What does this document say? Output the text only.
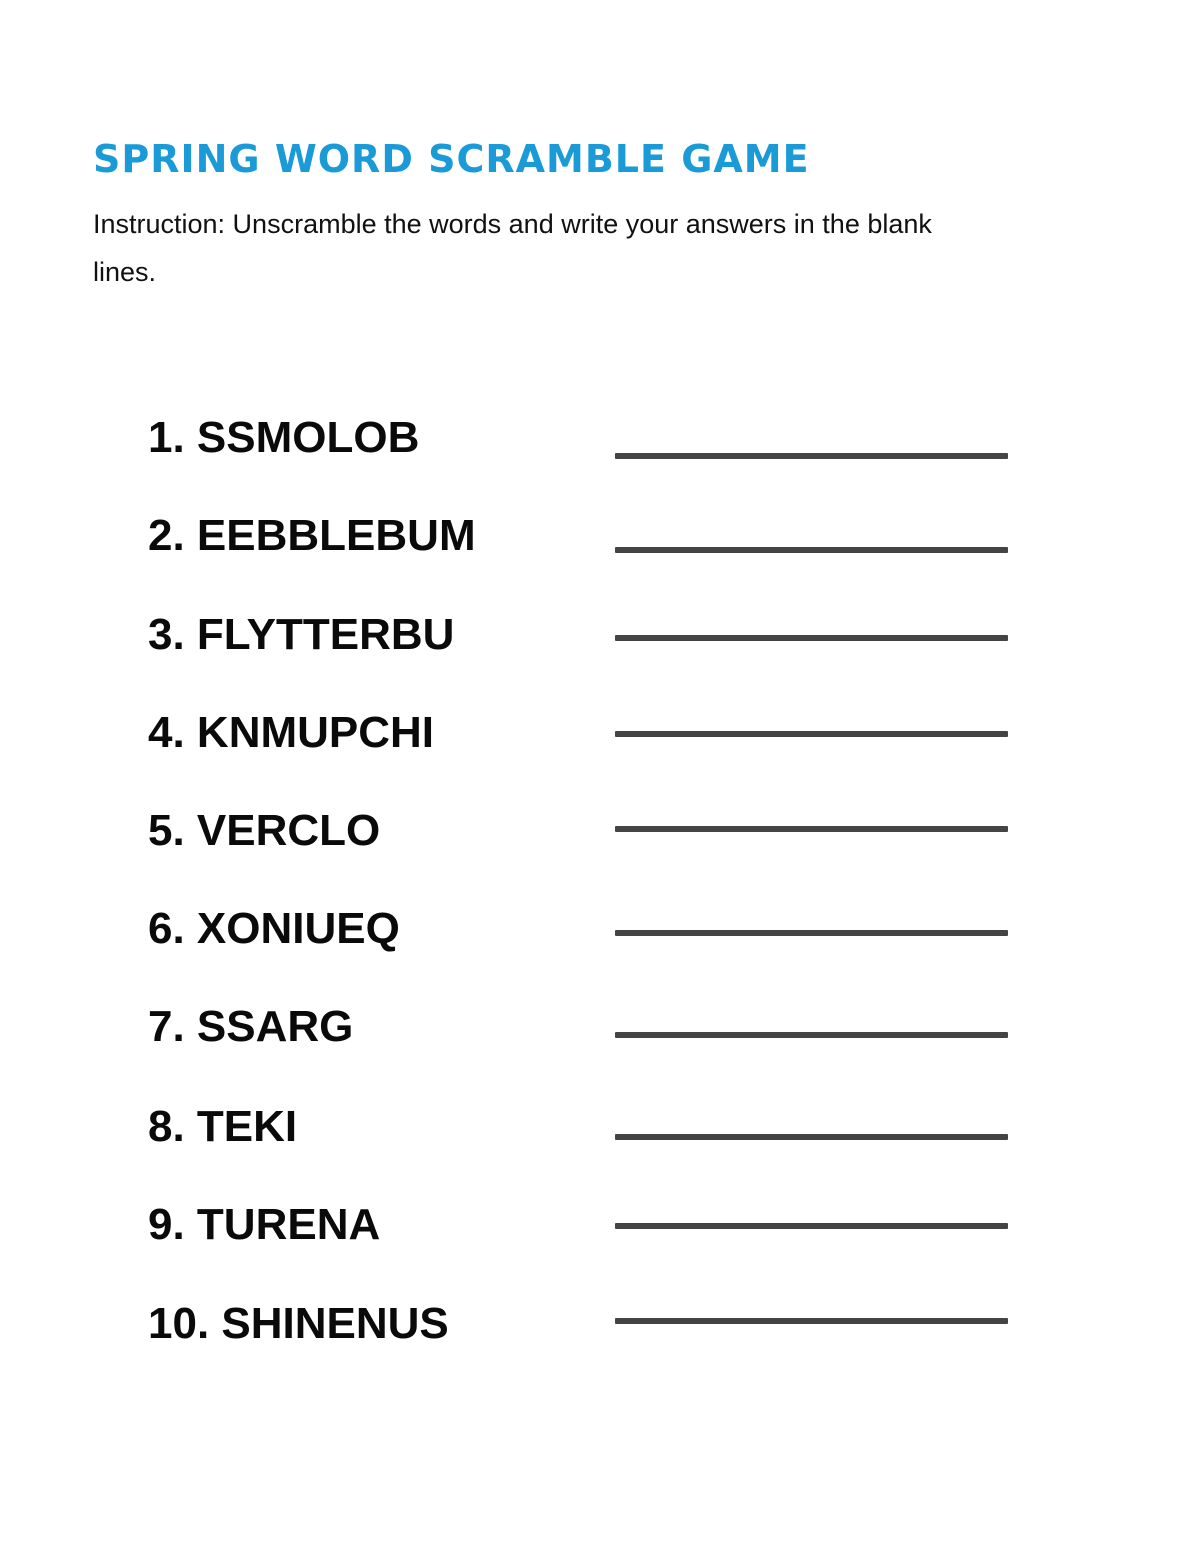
SPRING WORD SCRAMBLE GAME

Instruction: Unscramble the words and write your answers in the blank lines.

1. SSMOLOB
2. EEBBLEBUM
3. FLYTTERBU
4. KNMUPCHI
5. VERCLO
6. XONIUEQ
7. SSARG
8. TEKI
9. TURENA
10. SHINENUS
